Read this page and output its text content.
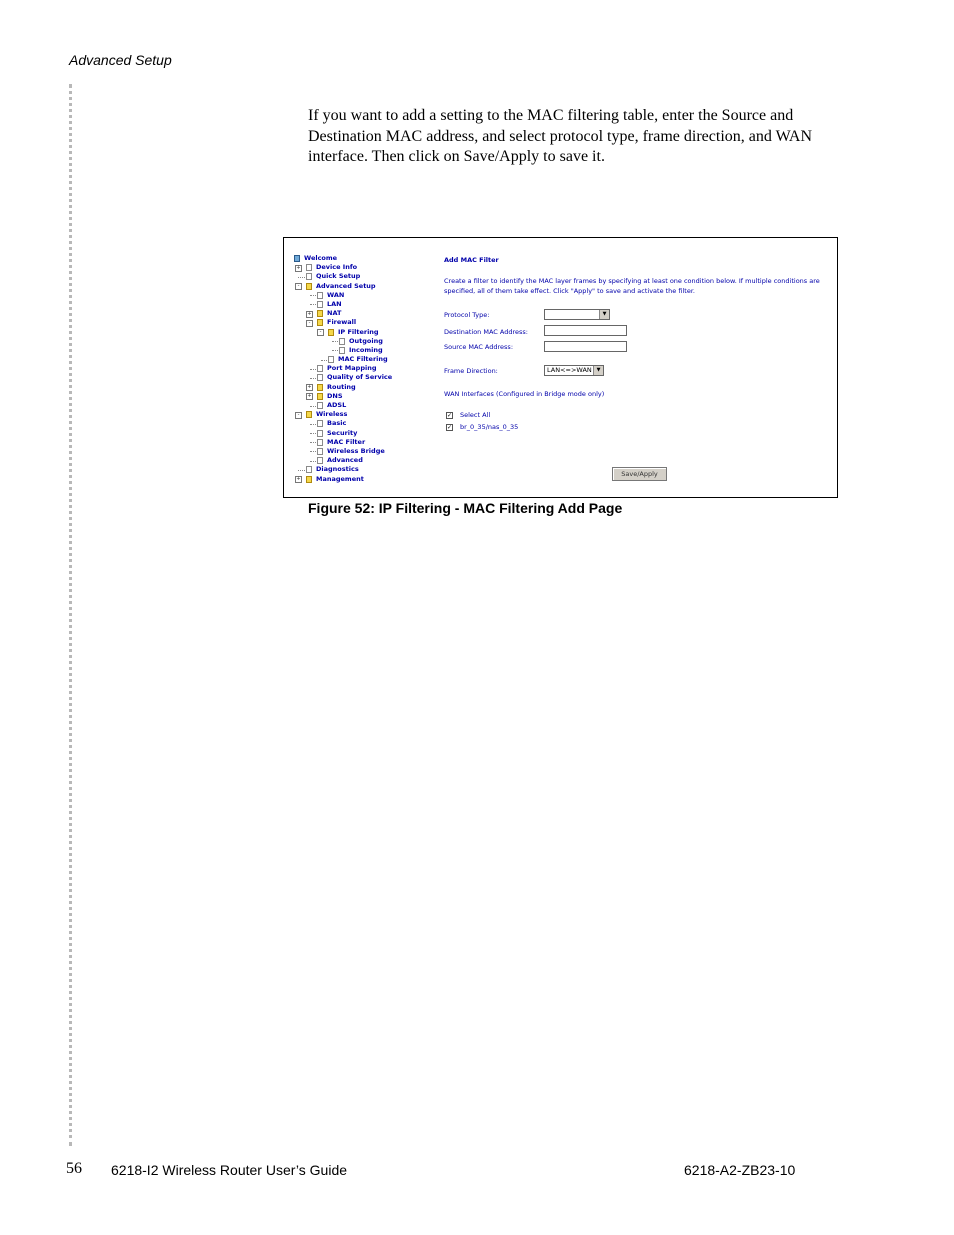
Advanced Setup

If you want to add a setting to the MAC filtering table, enter the Source and Destination MAC address, and select protocol type, frame direction, and WAN interface. Then click on Save/Apply to save it.

Welcome
+ Device Info
Quick Setup
-	Advanced Setup
WAN
LAN
+ NAT
-	Firewall
-	IP Filtering
Outgoing
Incoming
MAC Filtering
Port Mapping
Quality of Service
+ Routing
+ DNS
ADSL
-	Wireless
Basic
Security
MAC Filter
Wireless Bridge
Advanced
Diagnostics
+ Management
Add MAC Filter
Create a filter to identify the MAC layer frames by specifying at least one condition below. If multiple conditions are specified, all of them take effect. Click "Apply" to save and activate the filter.
Protocol Type:	▼
Destination MAC Address:
Source MAC Address:
Frame Direction:	LAN<=>WAN ▼
WAN Interfaces (Configured in Bridge mode only)
✓ Select All
✓ br_0_35/nas_0_35
Save/Apply
Figure 52: IP Filtering - MAC Filtering Add Page
56 6218-I2 Wireless Router User’s Guide	6218-A2-ZB23-10
